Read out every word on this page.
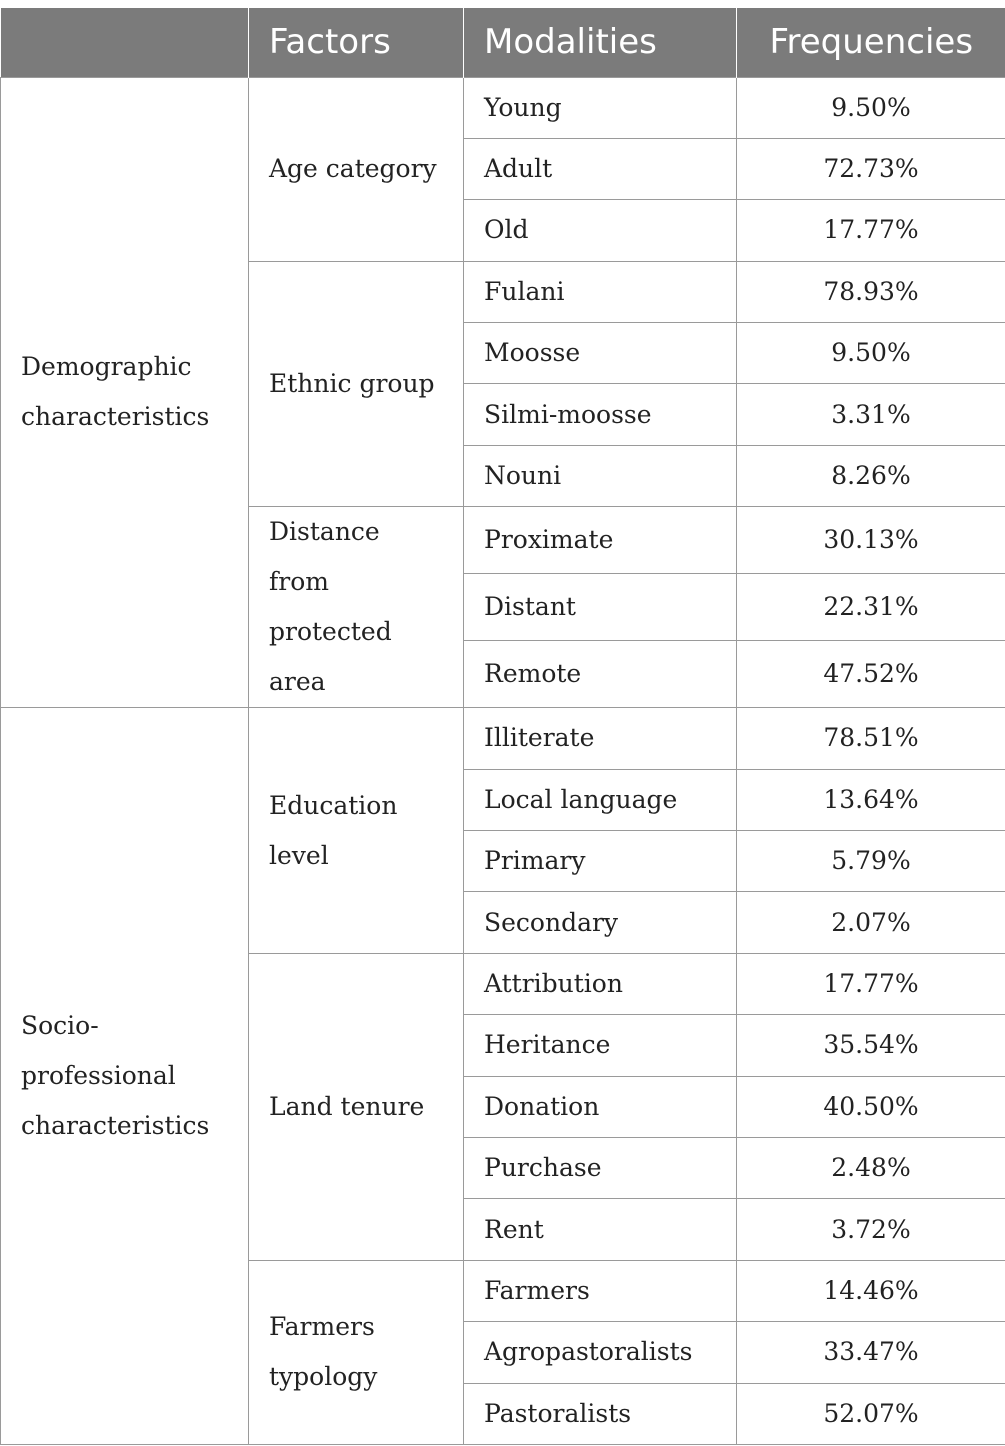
	Factors	Modalities	Frequencies
Demographic characteristics	Age category	Young	9.50%
		Adult	72.73%
		Old	17.77%
	Ethnic group	Fulani	78.93%
		Moosse	9.50%
		Silmi-moosse	3.31%
		Nouni	8.26%
	Distance from protected area	Proximate	30.13%
		Distant	22.31%
		Remote	47.52%
Socio-professional characteristics	Education level	Illiterate	78.51%
		Local language	13.64%
		Primary	5.79%
		Secondary	2.07%
	Land tenure	Attribution	17.77%
		Heritance	35.54%
		Donation	40.50%
		Purchase	2.48%
		Rent	3.72%
	Farmers typology	Farmers	14.46%
		Agropastoralists	33.47%
		Pastoralists	52.07%
